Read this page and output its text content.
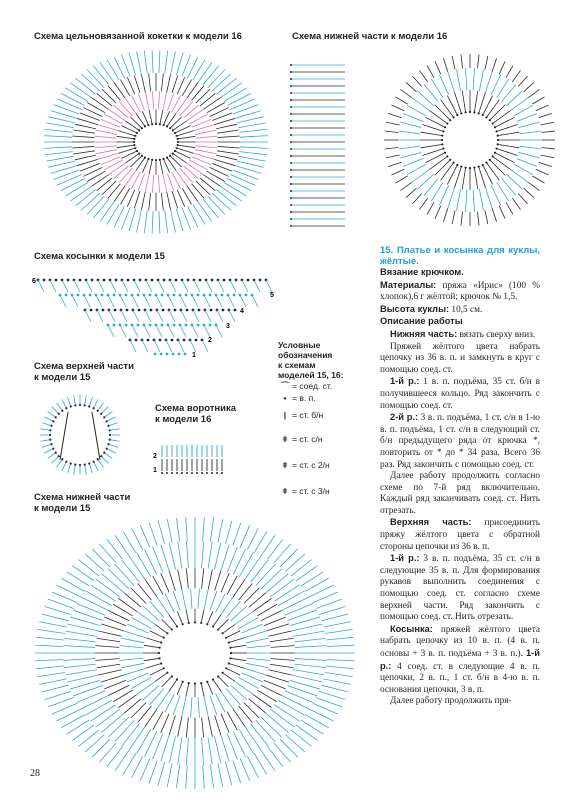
Схема цельновязанной кокетки к модели 16	Схема нижней части к модели 16
Схема косынки к модели 15
Схема верхней части
к модели 15
Схема воротника
к модели 16
Схема нижней части
к модели 15
6
5
4
3
2
1
2
1
Условные
обозначения
к схемам
моделей 15, 16:
⌒ = соед. ст.
• = в. п.
| = ст. б/н
ǂ = ст. с/н
ǂ = ст. с 2/н
ǂ = ст. с 3/н

15. Платье и косынка для куклы, жёлтые.

Вязание крючком.

Материалы: пряжа «Ирис» (100 % хлопок),6 г жёлтой; крючок № 1,5.

Высота куклы: 10,5 см.

Описание работы

Нижняя часть: вязать сверху вниз.

Пряжей жёлтого цвета набрать цепочку из 36 в. п. и замкнуть в круг с помощью соед. ст.

1-й р.: 1 в. п. подъёма, 35 ст. б/н в получившееся кольцо. Ряд закончить с помощью соед. ст.

2-й р.: 3 в. п. подъёма, 1 ст. с/н в 1-ю в. п. подъёма, 1 ст. с/н в следующий ст. б/н предыдущего ряда от крючка *, повторить от * до * 34 раза. Всего 36 раз. Ряд закончить с помощью соед. ст.

Далее работу продолжить согласно схеме по 7-й ряд включительно. Каждый ряд заканчивать соед. ст. Нить отрезать.

Верхняя часть: присоединить пряжу жёлтого цвета с обратной стороны цепочки из 36 в. п.

1-й р.: 3 в. п. подъёма, 35 ст. с/н в следующие 35 в. п. Для формирования рукавов выполнить соединения с помощью соед. ст. согласно схеме верхней части. Ряд закончить с помощью соед. ст. Нить отрезать.

Косынка: пряжей жёлтого цвета набрать цепочку из 10 в. п. (4 в. п. основы + 3 в. п. подъёма + 3 в. п.). 1-й р.: 4 соед. ст. в следующие 4 в. п. цепочки, 2 в. п., 1 ст. б/н в 4-ю в. п. основания цепочки, 3 в. п.

Далее работу продолжить пря-

28
